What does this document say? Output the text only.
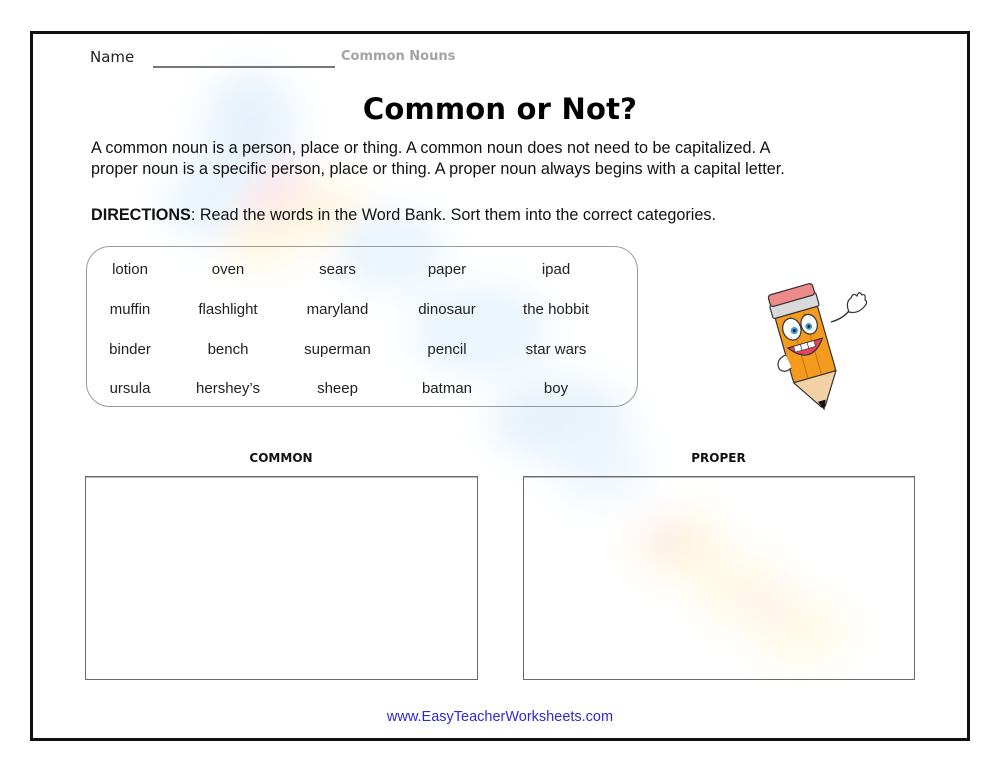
Name	Common Nouns
Common or Not?
A common noun is a person, place or thing. A common noun does not need to be capitalized. A
proper noun is a specific person, place or thing. A proper noun always begins with a capital letter.
DIRECTIONS: Read the words in the Word Bank. Sort them into the correct categories.
lotion	oven	sears	paper	ipad
muffin	flashlight	maryland	dinosaur	the hobbit
binder	bench	superman	pencil	star wars
ursula	hershey’s	sheep	batman	boy
COMMON	PROPER
www.EasyTeacherWorksheets.com
